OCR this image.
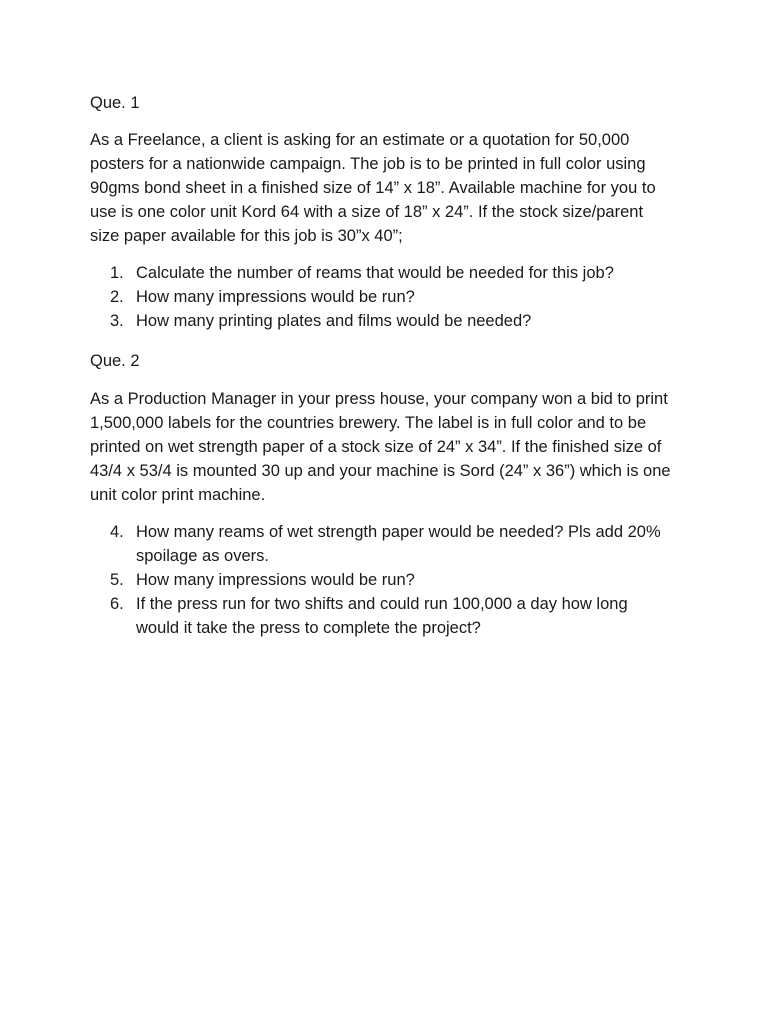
Que. 1

As a Freelance, a client is asking for an estimate or a quotation for 50,000 posters for a nationwide campaign. The job is to be printed in full color using 90gms bond sheet in a finished size of 14” x 18”. Available machine for you to use is one color unit Kord 64 with a size of 18” x 24”. If the stock size/parent size paper available for this job is 30”x 40”;

1. Calculate the number of reams that would be needed for this job?
2. How many impressions would be run?
3. How many printing plates and films would be needed?

Que. 2

As a Production Manager in your press house, your company won a bid to print 1,500,000 labels for the countries brewery. The label is in full color and to be printed on wet strength paper of a stock size of 24” x 34”. If the finished size of 43/4 x 53/4 is mounted 30 up and your machine is Sord (24” x 36”) which is one unit color print machine.

4. How many reams of wet strength paper would be needed? Pls add 20% spoilage as overs.
5. How many impressions would be run?
6. If the press run for two shifts and could run 100,000 a day how long would it take the press to complete the project?
